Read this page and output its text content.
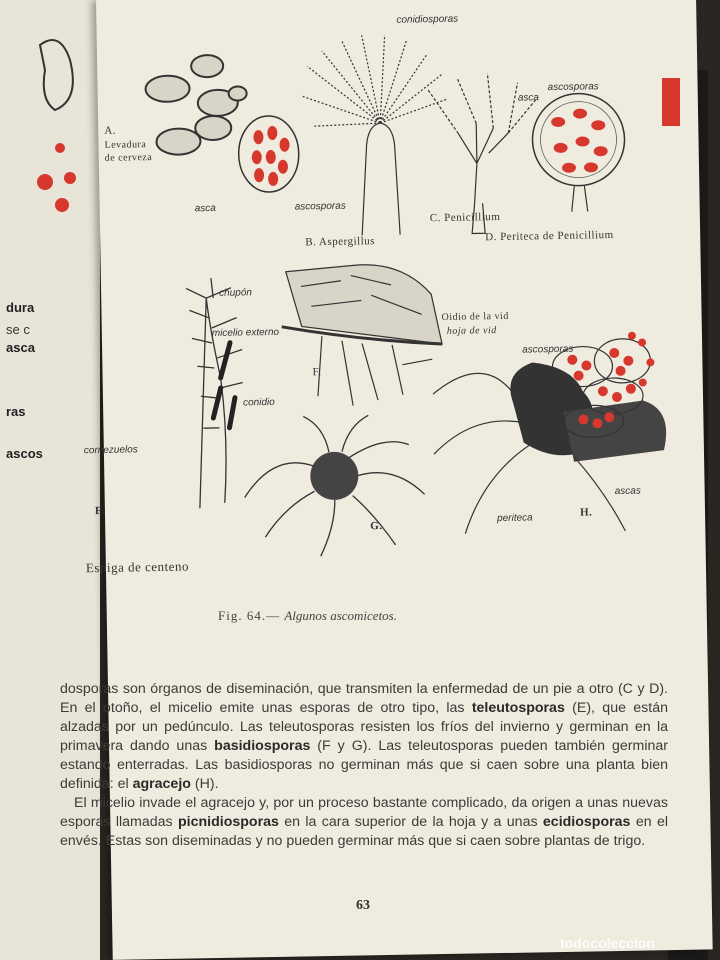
dura
se c
asca
ras
ascos
A.
Levadura
de cerveza
asca	ascosporas
B. Aspergillus
conidiosporas
C. Penicillium
asca
ascosporas
D. Periteca de Penicillium
chupón
micelio externo
conidio
F.
Oidio de la vid
hoja de vid
ascosporas
ascas
periteca	H.
G.
cornezuelos
E.
Espiga de centeno
Fig. 64.— Algunos ascomicetos.

dosporas son órganos de diseminación, que transmiten la enfermedad de un pie a otro (C y D). En el otoño, el micelio emite unas esporas de otro tipo, las teleutosporas (E), que están alzadas por un pedúnculo. Las teleutosporas resisten los fríos del invierno y germinan en la primavera dando unas basidiosporas (F y G). Las teleutosporas pueden también germinar estando enterradas. Las basidiosporas no germinan más que si caen sobre una planta bien definida: el agracejo (H).

El micelio invade el agracejo y, por un proceso bastante complicado, da origen a unas nuevas esporas llamadas picnidiosporas en la cara superior de la hoja y a unas ecidiosporas en el envés. Estas son diseminadas y no pueden germinar más que si caen sobre plantas de trigo.

63
todocoleccion
